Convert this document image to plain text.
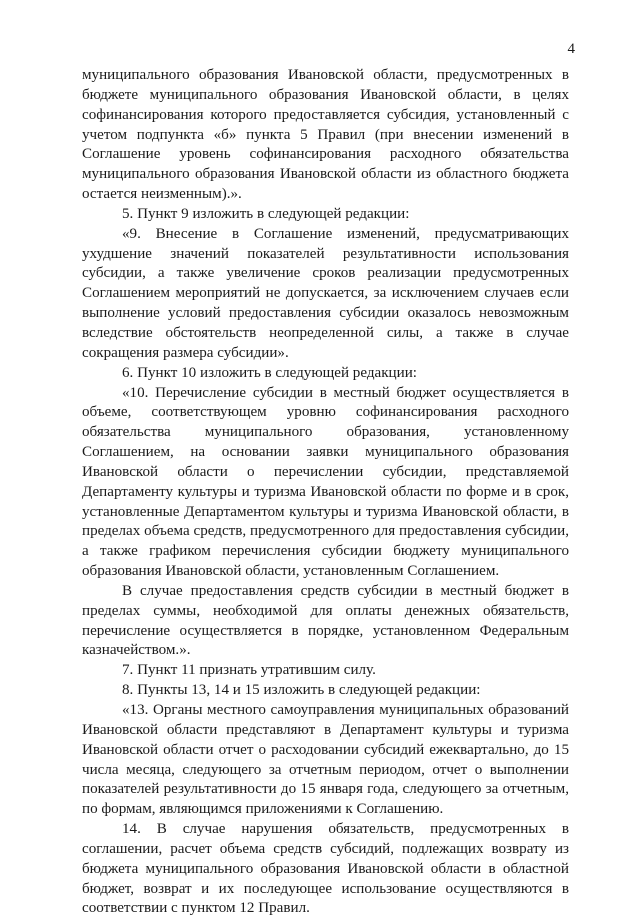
4

муниципального образования Ивановской области, предусмотренных в бюджете муниципального образования Ивановской области, в целях софинансирования которого предоставляется субсидия, установленный с учетом подпункта «б» пункта 5 Правил (при внесении изменений в Соглашение уровень софинансирования расходного обязательства муниципального образования Ивановской области из областного бюджета остается неизменным).».

5. Пункт 9 изложить в следующей редакции:

«9. Внесение в Соглашение изменений, предусматривающих ухудшение значений показателей результативности использования субсидии, а также увеличение сроков реализации предусмотренных Соглашением мероприятий не допускается, за исключением случаев если выполнение условий предоставления субсидии оказалось невозможным вследствие обстоятельств неопределенной силы, а также в случае сокращения размера субсидии».

6. Пункт 10 изложить в следующей редакции:

«10. Перечисление субсидии в местный бюджет осуществляется в объеме, соответствующем уровню софинансирования расходного обязательства муниципального образования, установленному Соглашением, на основании заявки муниципального образования Ивановской области о перечислении субсидии, представляемой Департаменту культуры и туризма Ивановской области по форме и в срок, установленные Департаментом культуры и туризма Ивановской области, в пределах объема средств, предусмотренного для предоставления субсидии, а также графиком перечисления субсидии бюджету муниципального образования Ивановской области, установленным Соглашением.

В случае предоставления средств субсидии в местный бюджет в пределах суммы, необходимой для оплаты денежных обязательств, перечисление осуществляется в порядке, установленном Федеральным казначейством.».

7. Пункт 11 признать утратившим силу.

8. Пункты 13, 14 и 15 изложить в следующей редакции:

«13. Органы местного самоуправления муниципальных образований Ивановской области представляют в Департамент культуры и туризма Ивановской области отчет о расходовании субсидий ежеквартально, до 15 числа месяца, следующего за отчетным периодом, отчет о выполнении показателей результативности до 15 января года, следующего за отчетным, по формам, являющимся приложениями к Соглашению.

14. В случае нарушения обязательств, предусмотренных в соглашении, расчет объема средств субсидий, подлежащих возврату из бюджета муниципального образования Ивановской области в областной бюджет, возврат и их последующее использование осуществляются в соответствии с пунктом 12 Правил.
